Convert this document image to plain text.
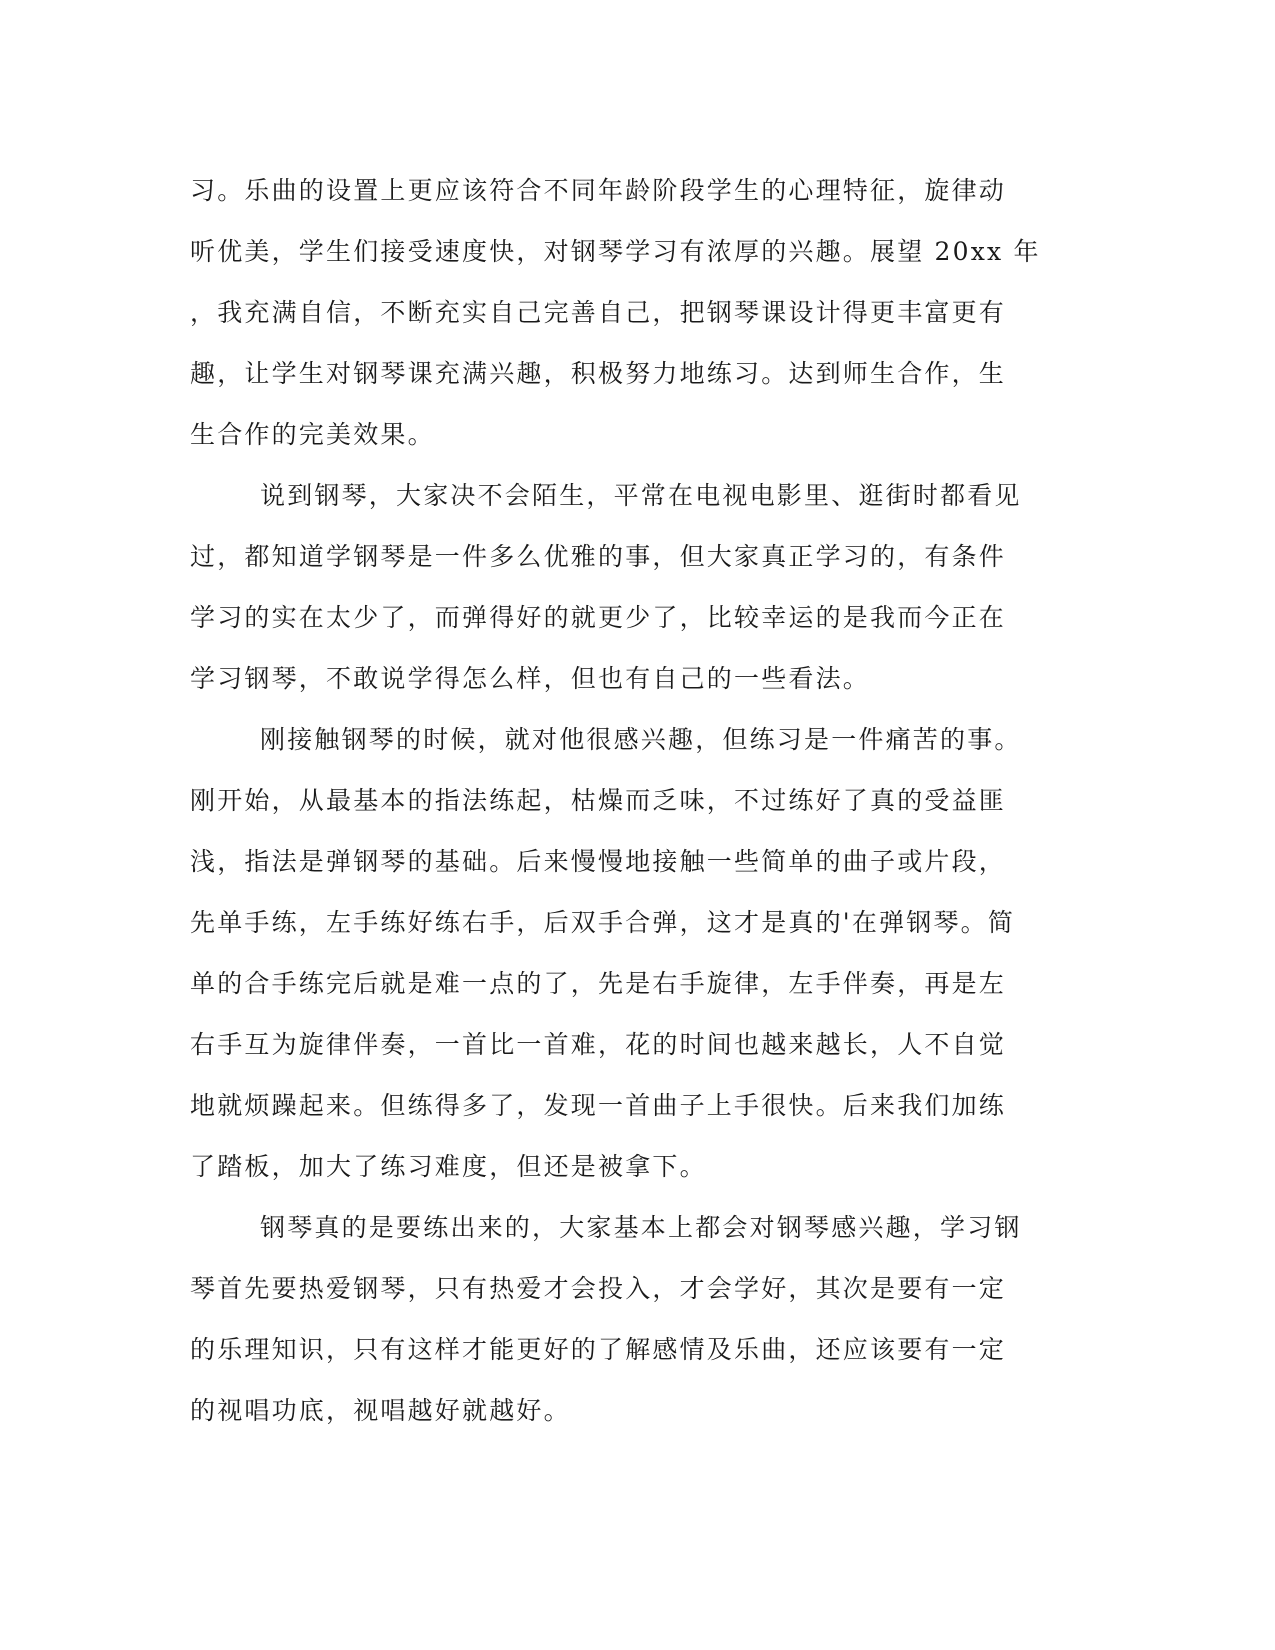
习。乐曲的设置上更应该符合不同年龄阶段学生的心理特征，旋律动
听优美，学生们接受速度快，对钢琴学习有浓厚的兴趣。展望 20xx 年
，我充满自信，不断充实自己完善自己，把钢琴课设计得更丰富更有
趣，让学生对钢琴课充满兴趣，积极努力地练习。达到师生合作，生
生合作的完美效果。
说到钢琴，大家决不会陌生，平常在电视电影里、逛街时都看见
过，都知道学钢琴是一件多么优雅的事，但大家真正学习的，有条件
学习的实在太少了，而弹得好的就更少了，比较幸运的是我而今正在
学习钢琴，不敢说学得怎么样，但也有自己的一些看法。
刚接触钢琴的时候，就对他很感兴趣，但练习是一件痛苦的事。
刚开始，从最基本的指法练起，枯燥而乏味，不过练好了真的受益匪
浅，指法是弹钢琴的基础。后来慢慢地接触一些简单的曲子或片段，
先单手练，左手练好练右手，后双手合弹，这才是真的'在弹钢琴。简
单的合手练完后就是难一点的了，先是右手旋律，左手伴奏，再是左
右手互为旋律伴奏，一首比一首难，花的时间也越来越长，人不自觉
地就烦躁起来。但练得多了，发现一首曲子上手很快。后来我们加练
了踏板，加大了练习难度，但还是被拿下。
钢琴真的是要练出来的，大家基本上都会对钢琴感兴趣，学习钢
琴首先要热爱钢琴，只有热爱才会投入，才会学好，其次是要有一定
的乐理知识，只有这样才能更好的了解感情及乐曲，还应该要有一定
的视唱功底，视唱越好就越好。
